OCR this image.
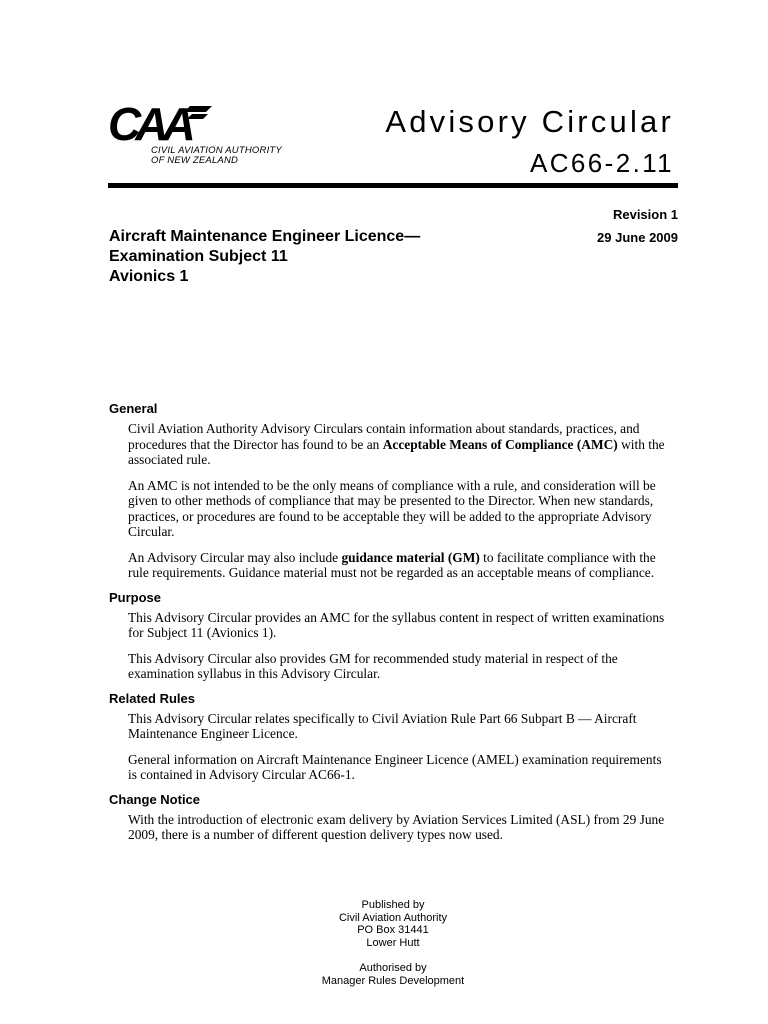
CAA
CIVIL AVIATION AUTHORITY
OF NEW ZEALAND
Advisory Circular
AC66-2.11
Revision 1
29 June 2009
Aircraft Maintenance Engineer Licence—
Examination Subject 11
Avionics 1
General

Civil Aviation Authority Advisory Circulars contain information about standards, practices, and procedures that the Director has found to be an Acceptable Means of Compliance (AMC) with the associated rule.

An AMC is not intended to be the only means of compliance with a rule, and consideration will be given to other methods of compliance that may be presented to the Director. When new standards, practices, or procedures are found to be acceptable they will be added to the appropriate Advisory Circular.

An Advisory Circular may also include guidance material (GM) to facilitate compliance with the rule requirements. Guidance material must not be regarded as an acceptable means of compliance.

Purpose

This Advisory Circular provides an AMC for the syllabus content in respect of written examinations for Subject 11 (Avionics 1).

This Advisory Circular also provides GM for recommended study material in respect of the examination syllabus in this Advisory Circular.

Related Rules

This Advisory Circular relates specifically to Civil Aviation Rule Part 66 Subpart B — Aircraft Maintenance Engineer Licence.

General information on Aircraft Maintenance Engineer Licence (AMEL) examination requirements is contained in Advisory Circular AC66-1.

Change Notice

With the introduction of electronic exam delivery by Aviation Services Limited (ASL) from 29 June 2009, there is a number of different question delivery types now used.

Published by
Civil Aviation Authority
PO Box 31441
Lower Hutt
Authorised by
Manager Rules Development
